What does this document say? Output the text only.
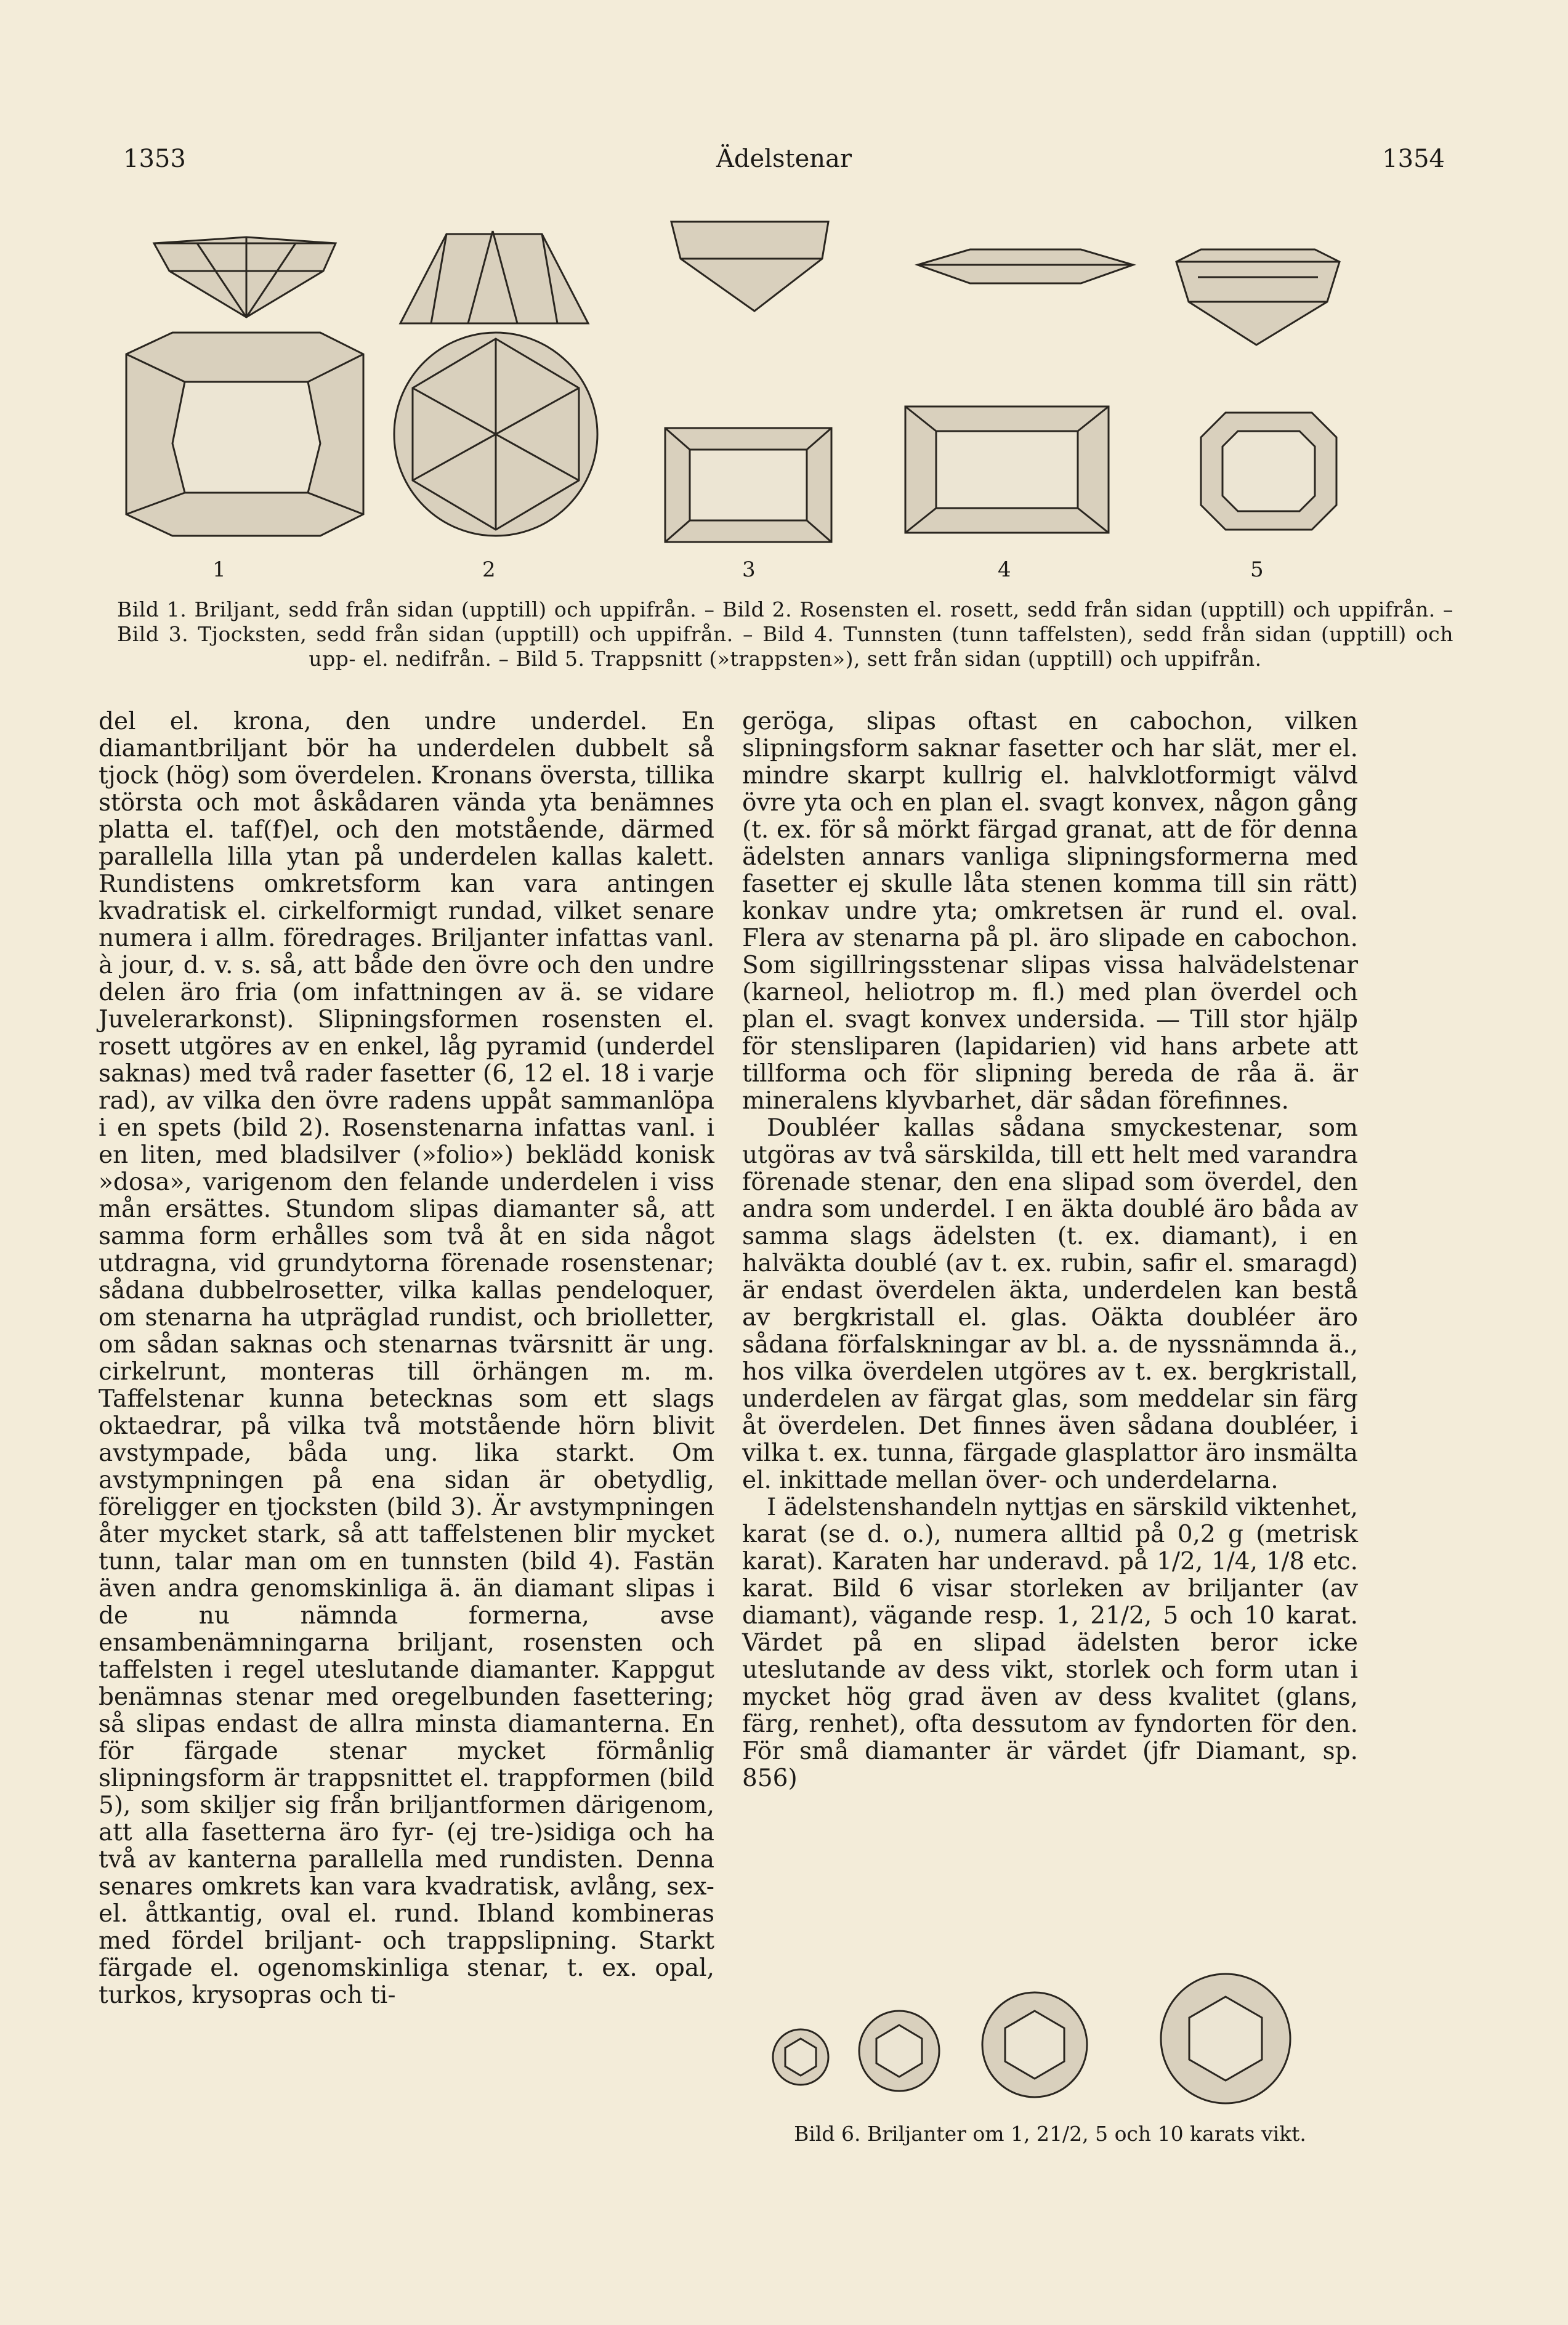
1353	Ädelstenar	1354
1	2	3	4	5
Bild 1. Briljant, sedd från sidan (upptill) och uppifrån. – Bild 2. Rosensten el. rosett, sedd från sidan (upptill) och uppifrån. – Bild 3. Tjocksten, sedd från sidan (upptill) och uppifrån. – Bild 4. Tunnsten (tunn taffelsten), sedd från sidan (upptill) och upp- el. nedifrån. – Bild 5. Trappsnitt (»trappsten»), sett från sidan (upptill) och uppifrån.

del el. krona, den undre underdel. En diamantbriljant bör ha underdelen dubbelt så tjock (hög) som överdelen. Kronans översta, tillika största och mot åskådaren vända yta benämnes platta el. taf(f)el, och den motstående, därmed parallella lilla ytan på underdelen kallas kalett. Rundistens omkretsform kan vara antingen kvadratisk el. cirkelformigt rundad, vilket senare numera i allm. föredrages. Briljanter infattas vanl. à jour, d. v. s. så, att både den övre och den undre delen äro fria (om infattningen av ä. se vidare Juvelerarkonst). Slipningsformen rosensten el. rosett utgöres av en enkel, låg pyramid (underdel saknas) med två rader fasetter (6, 12 el. 18 i varje rad), av vilka den övre radens uppåt sammanlöpa i en spets (bild 2). Rosenstenarna infattas vanl. i en liten, med bladsilver (»folio») beklädd konisk »dosa», varigenom den felande underdelen i viss mån ersättes. Stundom slipas diamanter så, att samma form erhålles som två åt en sida något utdragna, vid grundytorna förenade rosenstenar; sådana dubbelrosetter, vilka kallas pendeloquer, om stenarna ha utpräglad rundist, och briolletter, om sådan saknas och stenarnas tvärsnitt är ung. cirkelrunt, monteras till örhängen m. m. Taffelstenar kunna betecknas som ett slags oktaedrar, på vilka två motstående hörn blivit avstympade, båda ung. lika starkt. Om avstympningen på ena sidan är obetydlig, föreligger en tjocksten (bild 3). Är avstympningen åter mycket stark, så att taffelstenen blir mycket tunn, talar man om en tunnsten (bild 4). Fastän även andra genomskinliga ä. än diamant slipas i de nu nämnda formerna, avse ensambenämningarna briljant, rosensten och taffelsten i regel uteslutande diamanter. Kappgut benämnas stenar med oregelbunden fasettering; så slipas endast de allra minsta diamanterna. En för färgade stenar mycket förmånlig slipningsform är trappsnittet el. trappformen (bild 5), som skiljer sig från briljantformen därigenom, att alla fasetterna äro fyr- (ej tre-)sidiga och ha två av kanterna parallella med rundisten. Denna senares omkrets kan vara kvadratisk, avlång, sex- el. åttkantig, oval el. rund. Ibland kombineras med fördel briljant- och trappslipning. Starkt färgade el. ogenomskinliga stenar, t. ex. opal, turkos, krysopras och ti-

geröga, slipas oftast en cabochon, vilken slipningsform saknar fasetter och har slät, mer el. mindre skarpt kullrig el. halvklotformigt välvd övre yta och en plan el. svagt konvex, någon gång (t. ex. för så mörkt färgad granat, att de för denna ädelsten annars vanliga slipningsformerna med fasetter ej skulle låta stenen komma till sin rätt) konkav undre yta; omkretsen är rund el. oval. Flera av stenarna på pl. äro slipade en cabochon. Som sigillringsstenar slipas vissa halvädelstenar (karneol, heliotrop m. fl.) med plan överdel och plan el. svagt konvex undersida. — Till stor hjälp för stensliparen (lapidarien) vid hans arbete att tillforma och för slipning bereda de råa ä. är mineralens klyvbarhet, där sådan förefinnes.

Doubléer kallas sådana smyckestenar, som utgöras av två särskilda, till ett helt med varandra förenade stenar, den ena slipad som överdel, den andra som underdel. I en äkta doublé äro båda av samma slags ädelsten (t. ex. diamant), i en halväkta doublé (av t. ex. rubin, safir el. smaragd) är endast överdelen äkta, underdelen kan bestå av bergkristall el. glas. Oäkta doubléer äro sådana förfalskningar av bl. a. de nyssnämnda ä., hos vilka överdelen utgöres av t. ex. bergkristall, underdelen av färgat glas, som meddelar sin färg åt överdelen. Det finnes även sådana doubléer, i vilka t. ex. tunna, färgade glasplattor äro insmälta el. inkittade mellan över- och underdelarna.

I ädelstenshandeln nyttjas en särskild viktenhet, karat (se d. o.), numera alltid på 0,2 g (metrisk karat). Karaten har underavd. på 1/2, 1/4, 1/8 etc. karat. Bild 6 visar storleken av briljanter (av diamant), vägande resp. 1, 21/2, 5 och 10 karat. Värdet på en slipad ädelsten beror icke uteslutande av dess vikt, storlek och form utan i mycket hög grad även av dess kvalitet (glans, färg, renhet), ofta dessutom av fyndorten för den. För små diamanter är värdet (jfr Diamant, sp. 856)

Bild 6. Briljanter om 1, 21/2, 5 och 10 karats vikt.
